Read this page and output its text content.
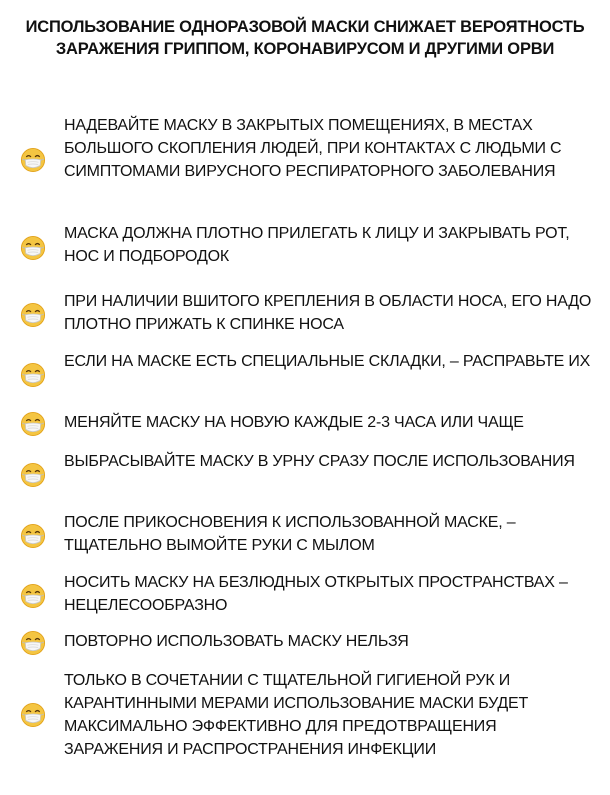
ИСПОЛЬЗОВАНИЕ ОДНОРАЗОВОЙ МАСКИ СНИЖАЕТ ВЕРОЯТНОСТЬ ЗАРАЖЕНИЯ ГРИППОМ, КОРОНАВИРУСОМ И ДРУГИМИ ОРВИ
НАДЕВАЙТЕ МАСКУ В ЗАКРЫТЫХ ПОМЕЩЕНИЯХ, В МЕСТАХ БОЛЬШОГО СКОПЛЕНИЯ ЛЮДЕЙ, ПРИ КОНТАКТАХ С ЛЮДЬМИ С СИМПТОМАМИ ВИРУСНОГО РЕСПИРАТОРНОГО ЗАБОЛЕВАНИЯ
МАСКА ДОЛЖНА ПЛОТНО ПРИЛЕГАТЬ К ЛИЦУ И ЗАКРЫВАТЬ РОТ, НОС И ПОДБОРОДОК
ПРИ НАЛИЧИИ ВШИТОГО КРЕПЛЕНИЯ В ОБЛАСТИ НОСА, ЕГО НАДО ПЛОТНО ПРИЖАТЬ К СПИНКЕ НОСА
ЕСЛИ НА МАСКЕ ЕСТЬ СПЕЦИАЛЬНЫЕ СКЛАДКИ, – РАСПРАВЬТЕ ИХ
МЕНЯЙТЕ МАСКУ НА НОВУЮ КАЖДЫЕ 2-3 ЧАСА ИЛИ ЧАЩЕ
ВЫБРАСЫВАЙТЕ МАСКУ В УРНУ СРАЗУ ПОСЛЕ ИСПОЛЬЗОВАНИЯ
ПОСЛЕ ПРИКОСНОВЕНИЯ К ИСПОЛЬЗОВАННОЙ МАСКЕ, – ТЩАТЕЛЬНО ВЫМОЙТЕ РУКИ С МЫЛОМ
НОСИТЬ МАСКУ НА БЕЗЛЮДНЫХ ОТКРЫТЫХ ПРОСТРАНСТВАХ – НЕЦЕЛЕСООБРАЗНО
ПОВТОРНО ИСПОЛЬЗОВАТЬ МАСКУ НЕЛЬЗЯ
ТОЛЬКО В СОЧЕТАНИИ С ТЩАТЕЛЬНОЙ ГИГИЕНОЙ РУК И КАРАНТИННЫМИ МЕРАМИ ИСПОЛЬЗОВАНИЕ МАСКИ БУДЕТ МАКСИМАЛЬНО ЭФФЕКТИВНО ДЛЯ ПРЕДОТВРАЩЕНИЯ ЗАРАЖЕНИЯ И РАСПРОСТРАНЕНИЯ ИНФЕКЦИИ
